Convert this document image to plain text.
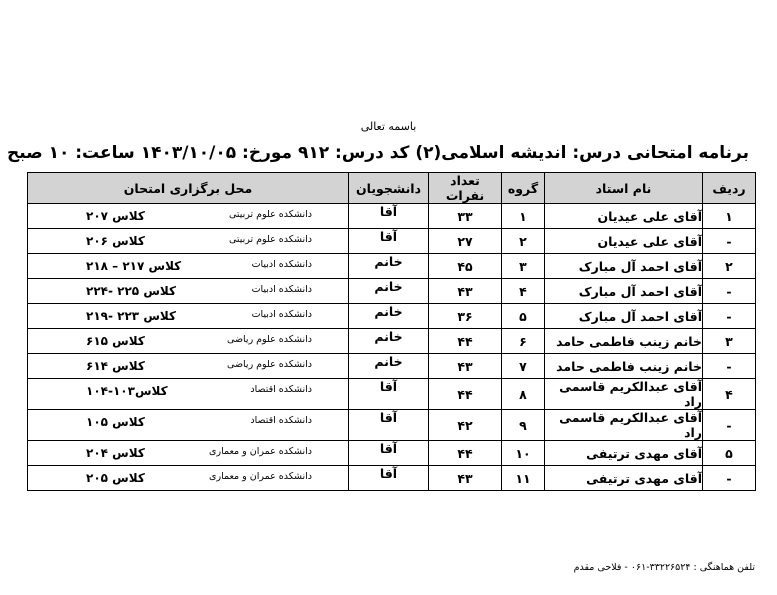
باسمه تعالی
برنامه امتحانی درس: اندیشه اسلامی(۲) کد درس: ۹۱۲ مورخ: ۱۴۰۳/۱۰/۰۵ ساعت: ۱۰ صبح
ردیف	نام استاد	گروه	تعداد نفرات	دانشجویان	محل برگزاری امتحان
۱	آقای علی عیدیان	۱	۳۳	آقا	دانشکده علوم تربیتی
کلاس ۲۰۷

-	آقای علی عیدیان	۲	۲۷	آقا	دانشکده علوم تربیتی
کلاس ۲۰۶

۲	آقای احمد آل مبارک	۳	۴۵	خانم	دانشکده ادبیات
کلاس ۲۱۷ – ۲۱۸

-	آقای احمد آل مبارک	۴	۴۳	خانم	دانشکده ادبیات
کلاس ۲۲۵ -۲۲۴

-	آقای احمد آل مبارک	۵	۳۶	خانم	دانشکده ادبیات
کلاس ۲۲۳ -۲۱۹

۳	خانم زینب فاطمی حامد	۶	۴۴	خانم	دانشکده علوم ریاضی
کلاس ۶۱۵

-	خانم زینب فاطمی حامد	۷	۴۳	خانم	دانشکده علوم ریاضی
کلاس ۶۱۴

۴	آقای عبدالکریم قاسمی راد	۸	۴۴	آقا	دانشکده اقتصاد
کلاس۱۰۳-۱۰۴

-	آقای عبدالکریم قاسمی راد	۹	۴۲	آقا	دانشکده اقتصاد
کلاس ۱۰۵

۵	آقای مهدی ترتیفی	۱۰	۴۴	آقا	دانشکده عمران و معماری
کلاس ۲۰۴

-	آقای مهدی ترتیفی	۱۱	۴۳	آقا	دانشکده عمران و معماری
کلاس ۲۰۵
تلفن هماهنگی : ۳۳۲۲۶۵۲۴-۰۶۱ - فلاحی مقدم
